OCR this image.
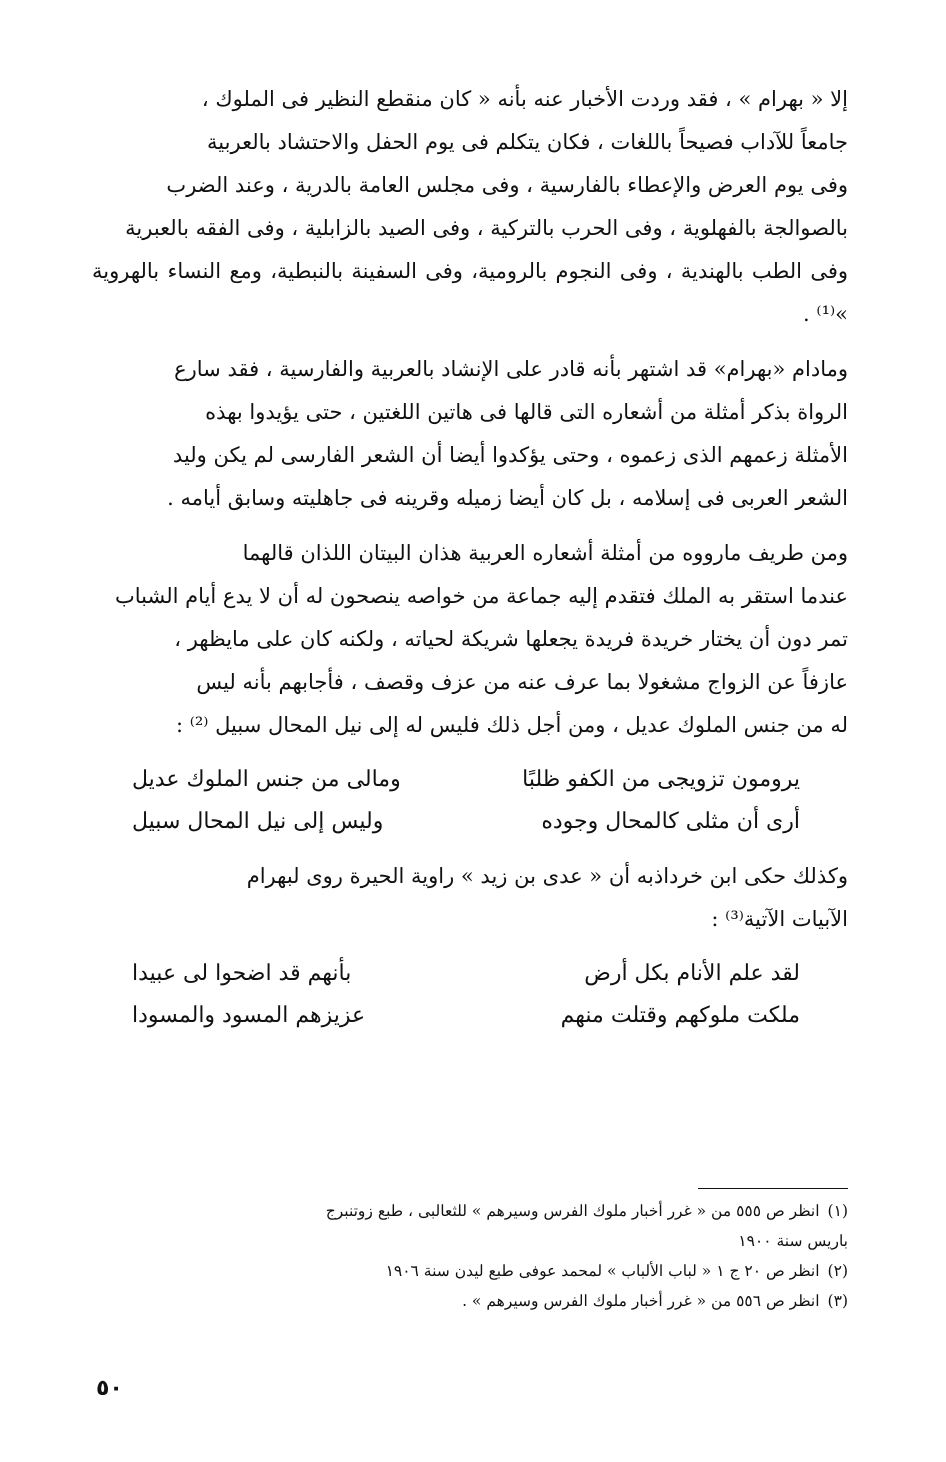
إلا « بهرام » ، فقد وردت الأخبار عنه بأنه « كان منقطع النظير فى الملوك ،

جامعاً للآداب فصيحاً باللغات ، فكان يتكلم فى يوم الحفل والاحتشاد بالعربية

وفى يوم العرض والإعطاء بالفارسية ، وفى مجلس العامة بالدرية ، وعند الضرب

بالصوالجة بالفهلوية ، وفى الحرب بالتركية ، وفى الصيد بالزابلية ، وفى الفقه بالعبرية

وفى الطب بالهندية ، وفى النجوم بالرومية، وفى السفينة بالنبطية، ومع النساء بالهروية »⁽¹⁾ .

ومادام «بهرام» قد اشتهر بأنه قادر على الإنشاد بالعربية والفارسية ، فقد سارع

الرواة بذكر أمثلة من أشعاره التى قالها فى هاتين اللغتين ، حتى يؤيدوا بهذه

الأمثلة زعمهم الذى زعموه ، وحتى يؤكدوا أيضا أن الشعر الفارسى لم يكن وليد

الشعر العربى فى إسلامه ، بل كان أيضا زميله وقرينه فى جاهليته وسابق أيامه .

ومن طريف مارووه من أمثلة أشعاره العربية هذان البيتان اللذان قالهما

عندما استقر به الملك فتقدم إليه جماعة من خواصه ينصحون له أن لا يدع أيام الشباب

تمر دون أن يختار خريدة فريدة يجعلها شريكة لحياته ، ولكنه كان على مايظهر ،

عازفاً عن الزواج مشغولا بما عرف عنه من عزف وقصف ، فأجابهم بأنه ليس

له من جنس الملوك عديل ، ومن أجل ذلك فليس له إلى نيل المحال سبيل ⁽²⁾ :

يرومون تزويجى من الكفو ظلبًا
ومالى من جنس الملوك عديل
أرى أن مثلى كالمحال وجوده
وليس إلى نيل المحال سبيل

وكذلك حكى ابن خرداذبه أن « عدى بن زيد » راوية الحيرة روى لبهرام

الآبيات الآتية⁽³⁾ :

لقد علم الأنام بكل أرض
بأنهم قد اضحوا لى عبيدا
ملكت ملوكهم وقتلت منهم
عزيزهم المسود والمسودا

(١)انظر ص ٥٥٥ من « غرر أخبار ملوك الفرس وسيرهم » للثعالبى ، طبع زوتنبرج

باريس سنة ١٩٠٠

(٢)انظر ص ٢٠ ج ١ « لباب الألباب » لمحمد عوفى طبع ليدن سنة ١٩٠٦

(٣)انظر ص ٥٥٦ من « غرر أخبار ملوك الفرس وسيرهم » .

٥٠
